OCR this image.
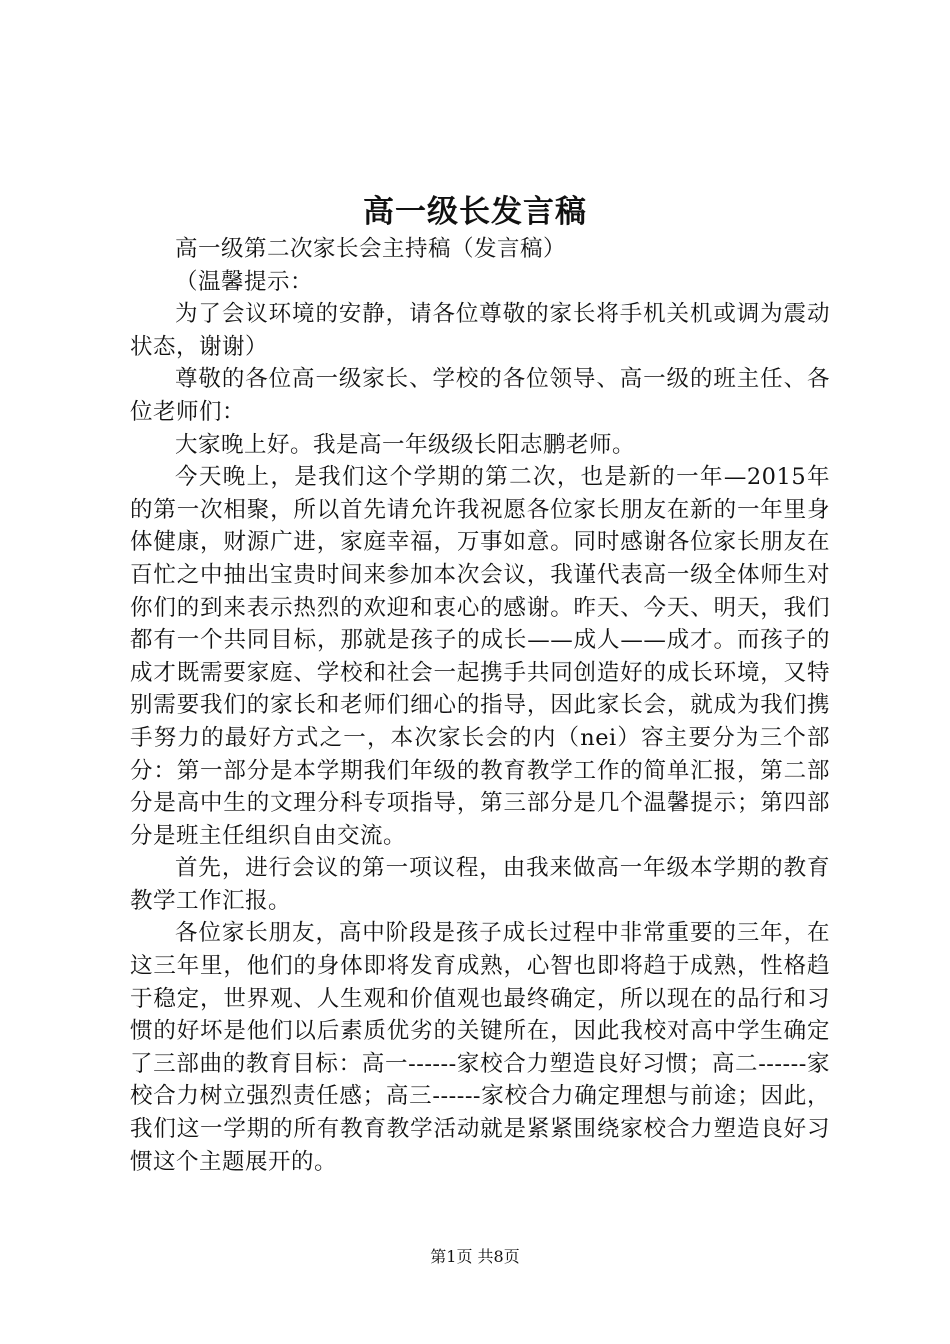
高一级长发言稿

高一级第二次家长会主持稿（发言稿）

（温馨提示：

为了会议环境的安静，请各位尊敬的家长将手机关机或调为震动状态，谢谢）

尊敬的各位高一级家长、学校的各位领导、高一级的班主任、各位老师们：

大家晚上好。我是高一年级级长阳志鹏老师。

今天晚上，是我们这个学期的第二次，也是新的一年—2015年的第一次相聚，所以首先请允许我祝愿各位家长朋友在新的一年里身体健康，财源广进，家庭幸福，万事如意。同时感谢各位家长朋友在百忙之中抽出宝贵时间来参加本次会议，我谨代表高一级全体师生对你们的到来表示热烈的欢迎和衷心的感谢。昨天、今天、明天，我们都有一个共同目标，那就是孩子的成长——成人——成才。而孩子的成才既需要家庭、学校和社会一起携手共同创造好的成长环境，又特别需要我们的家长和老师们细心的指导，因此家长会，就成为我们携手努力的最好方式之一，本次家长会的内（nei）容主要分为三个部分：第一部分是本学期我们年级的教育教学工作的简单汇报，第二部分是高中生的文理分科专项指导，第三部分是几个温馨提示；第四部分是班主任组织自由交流。

首先，进行会议的第一项议程，由我来做高一年级本学期的教育教学工作汇报。

各位家长朋友，高中阶段是孩子成长过程中非常重要的三年，在这三年里，他们的身体即将发育成熟，心智也即将趋于成熟，性格趋于稳定，世界观、人生观和价值观也最终确定，所以现在的品行和习惯的好坏是他们以后素质优劣的关键所在，因此我校对高中学生确定了三部曲的教育目标：高一------家校合力塑造良好习惯；高二------家校合力树立强烈责任感；高三------家校合力确定理想与前途；因此，我们这一学期的所有教育教学活动就是紧紧围绕家校合力塑造良好习惯这个主题展开的。

第1页 共8页
